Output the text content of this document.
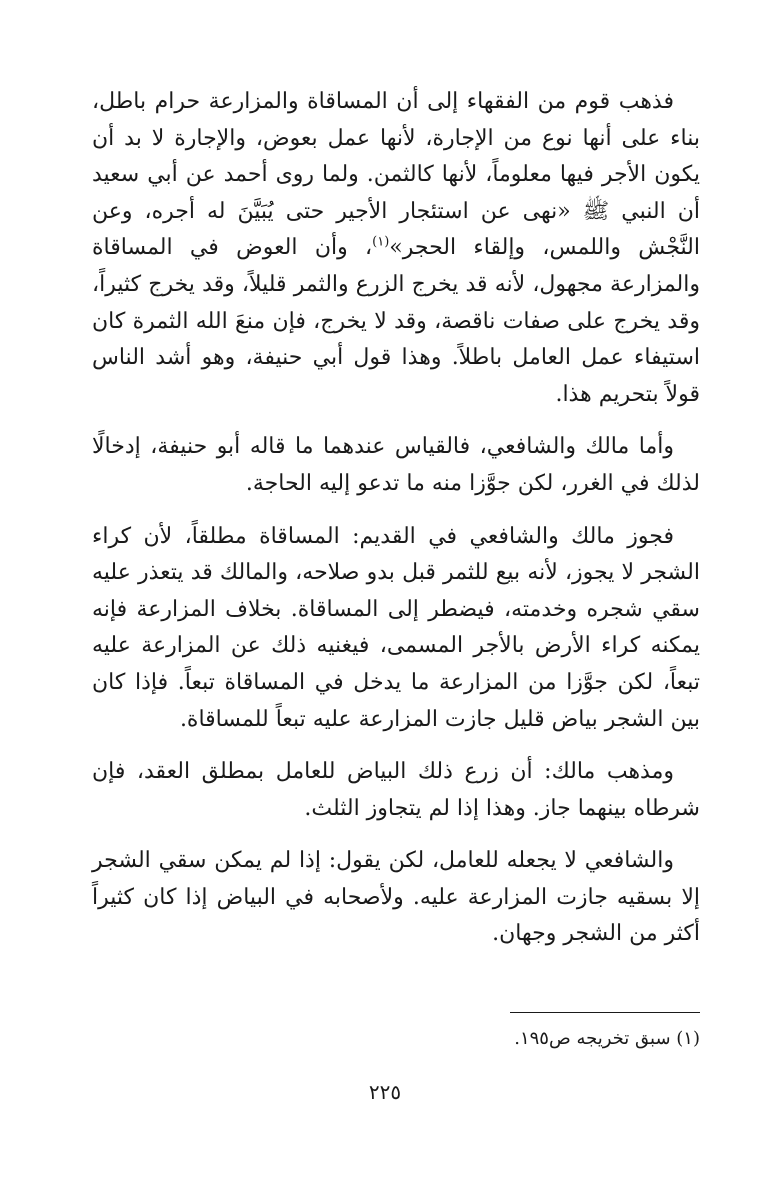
فذهب قوم من الفقهاء إلى أن المساقاة والمزارعة حرام باطل، بناء على أنها نوع من الإجارة، لأنها عمل بعوض، والإجارة لا بد أن يكون الأجر فيها معلوماً، لأنها كالثمن. ولما روى أحمد عن أبي سعيد أن النبي ﷺ «نهى عن استئجار الأجير حتى يُبَيَّنَ له أجره، وعن النَّجْش واللمس، وإلقاء الحجر»$^{(١)}$، وأن العوض في المساقاة والمزارعة مجهول، لأنه قد يخرج الزرع والثمر قليلاً، وقد يخرج كثيراً، وقد يخرج على صفات ناقصة، وقد لا يخرج، فإن منعَ الله الثمرة كان استيفاء عمل العامل باطلاً. وهذا قول أبي حنيفة، وهو أشد الناس قولاً بتحريم هذا.

وأما مالك والشافعي، فالقياس عندهما ما قاله أبو حنيفة، إدخالًا لذلك في الغرر، لكن جوَّزا منه ما تدعو إليه الحاجة.

فجوز مالك والشافعي في القديم: المساقاة مطلقاً، لأن كراء الشجر لا يجوز، لأنه بيع للثمر قبل بدو صلاحه، والمالك قد يتعذر عليه سقي شجره وخدمته، فيضطر إلى المساقاة. بخلاف المزارعة فإنه يمكنه كراء الأرض بالأجر المسمى، فيغنيه ذلك عن المزارعة عليه تبعاً، لكن جوَّزا من المزارعة ما يدخل في المساقاة تبعاً. فإذا كان بين الشجر بياض قليل جازت المزارعة عليه تبعاً للمساقاة.

ومذهب مالك: أن زرع ذلك البياض للعامل بمطلق العقد، فإن شرطاه بينهما جاز. وهذا إذا لم يتجاوز الثلث.

والشافعي لا يجعله للعامل، لكن يقول: إذا لم يمكن سقي الشجر إلا بسقيه جازت المزارعة عليه. ولأصحابه في البياض إذا كان كثيراً أكثر من الشجر وجهان.

(١) سبق تخريجه ص١٩٥.
٢٢٥
